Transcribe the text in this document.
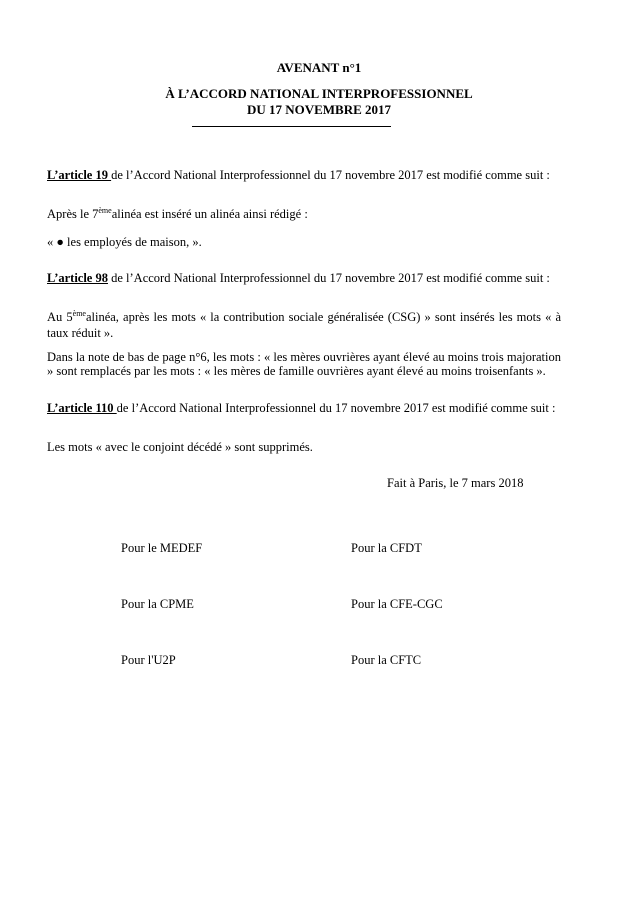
AVENANT n°1
À L’ACCORD NATIONAL INTERPROFESSIONNEL
DU 17 NOVEMBRE 2017
L’article 19 de l’Accord National Interprofessionnel du 17 novembre 2017 est modifié comme suit :
Après le 7èmealinéa est inséré un alinéa ainsi rédigé :
« ● les employés de maison, ».
L’article 98 de l’Accord National Interprofessionnel du 17 novembre 2017 est modifié comme suit :
Au 5èmealinéa, après les mots « la contribution sociale généralisée (CSG) » sont insérés les mots « à taux réduit ».
Dans la note de bas de page n°6, les mots : « les mères ouvrières ayant élevé au moins trois majoration » sont remplacés par les mots : « les mères de famille ouvrières ayant élevé au moins troisenfants ».
L’article 110 de l’Accord National Interprofessionnel du 17 novembre 2017 est modifié comme suit :
Les mots « avec le conjoint décédé » sont supprimés.
Fait à Paris, le 7 mars 2018
Pour le MEDEF
Pour la CPME
Pour l'U2P
Pour la CFDT
Pour la CFE-CGC
Pour la CFTC
